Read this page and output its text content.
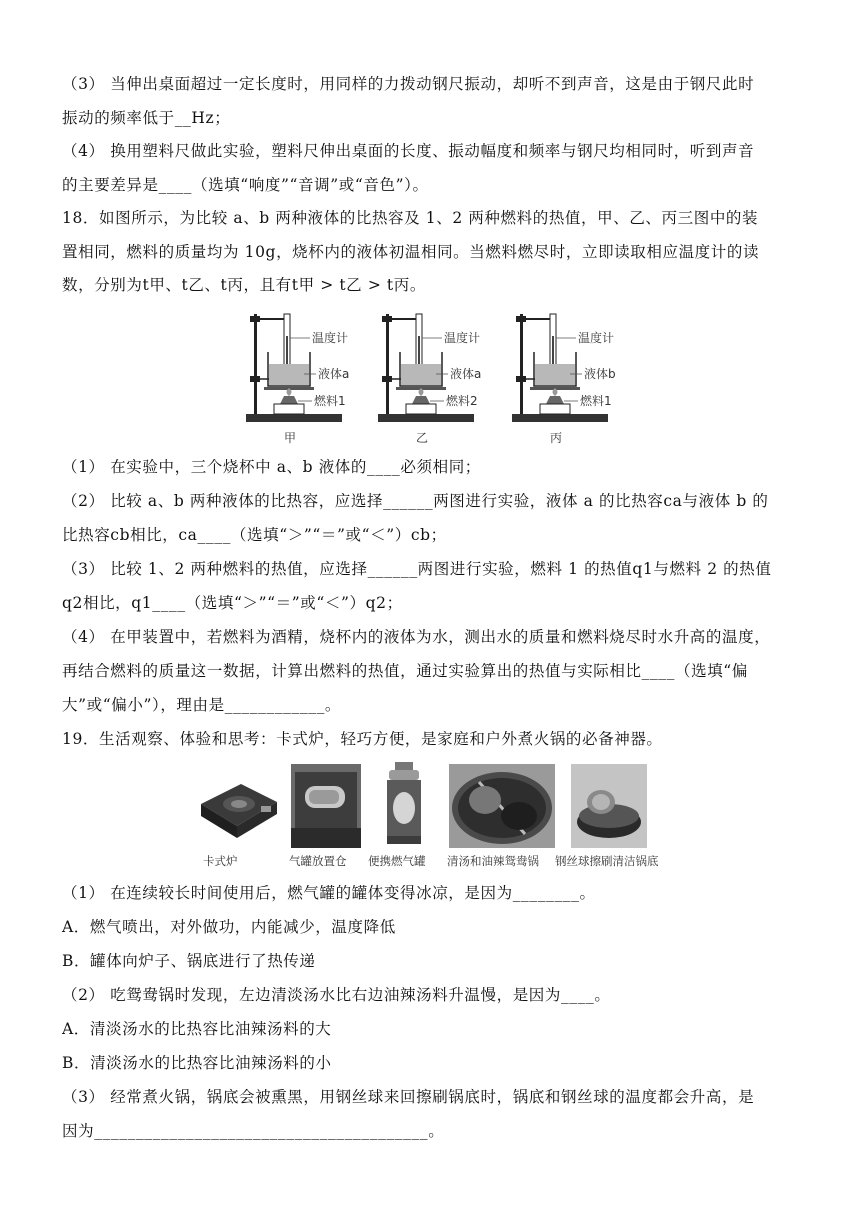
（3） 当伸出桌面超过一定长度时，用同样的力拨动钢尺振动，却听不到声音，这是由于钢尺此时
振动的频率低于__Hz；
（4） 换用塑料尺做此实验，塑料尺伸出桌面的长度、振动幅度和频率与钢尺均相同时，听到声音
的主要差异是____（选填“响度”“音调”或“音色”）。
18．如图所示，为比较 a、b 两种液体的比热容及 1、2 两种燃料的热值，甲、乙、丙三图中的装
置相同，燃料的质量均为 10g，烧杯内的液体初温相同。当燃料燃尽时，立即读取相应温度计的读
数，分别为t甲、t乙、t丙，且有t甲 > t乙 > t丙。
温度计
液体a
燃料1
甲
温度计
液体a
燃料2
乙
温度计
液体b
燃料1
丙
（1） 在实验中，三个烧杯中 a、b 液体的____必须相同；
（2） 比较 a、b 两种液体的比热容，应选择______两图进行实验，液体 a 的比热容ca与液体 b 的
比热容cb相比，ca____（选填“＞”“＝”或“＜”）cb；
（3） 比较 1、2 两种燃料的热值，应选择______两图进行实验，燃料 1 的热值q1与燃料 2 的热值
q2相比，q1____（选填“＞”“＝”或“＜”）q2；
（4） 在甲装置中，若燃料为酒精，烧杯内的液体为水，测出水的质量和燃料烧尽时水升高的温度，
再结合燃料的质量这一数据，计算出燃料的热值，通过实验算出的热值与实际相比____（选填“偏
大”或“偏小”），理由是____________。
19．生活观察、体验和思考：卡式炉，轻巧方便，是家庭和户外煮火锅的必备神器。
卡式炉	气罐放置仓 便携燃气罐 清汤和油辣鸳鸯锅 钢丝球擦刷清洁锅底
（1） 在连续较长时间使用后，燃气罐的罐体变得冰凉，是因为________。
A．燃气喷出，对外做功，内能减少，温度降低
B．罐体向炉子、锅底进行了热传递
（2） 吃鸳鸯锅时发现，左边清淡汤水比右边油辣汤料升温慢，是因为____。
A．清淡汤水的比热容比油辣汤料的大
B．清淡汤水的比热容比油辣汤料的小
（3） 经常煮火锅，锅底会被熏黑，用钢丝球来回擦刷锅底时，锅底和钢丝球的温度都会升高，是
因为________________________________________。
